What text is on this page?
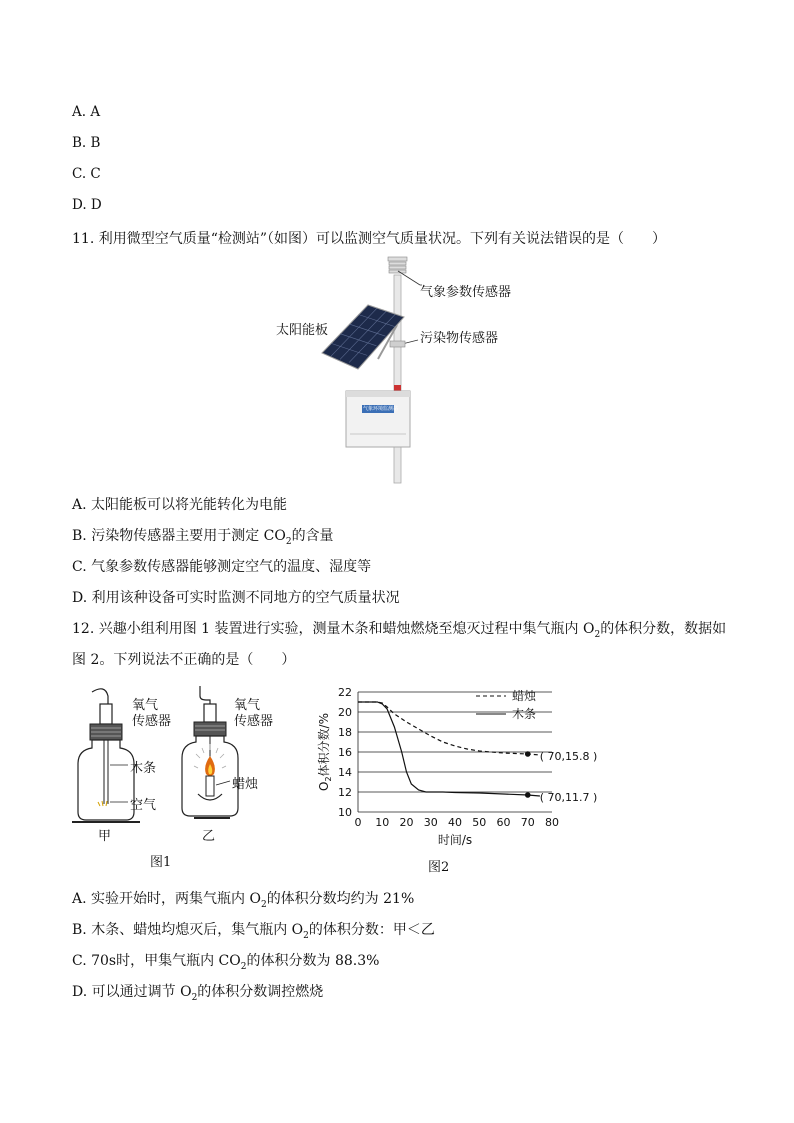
A. A
B. B
C. C
D. D
11. 利用微型空气质量“检测站”（如图）可以监测空气质量状况。下列有关说法错误的是（　　）
气象参数传感器
污染物传感器
太阳能板
气象环境监测站
A. 太阳能板可以将光能转化为电能
B. 污染物传感器主要用于测定 $CO_2$的含量
C. 气象参数传感器能够测定空气的温度、湿度等
D. 利用该种设备可实时监测不同地方的空气质量状况
12. 兴趣小组利用图 1 装置进行实验，测量木条和蜡烛燃烧至熄灭过程中集气瓶内 $O_2$的体积分数，数据如
图 2。下列说法不正确的是（　　）
氧气
传感器
氧气
传感器
木条
空气
蜡烛
甲	乙
图1
10
12
14
16
18
20
22
0 10 20 30 40 50 60 70 80
时间/s
$O_2$体积分数/%
蜡烛
木条
( 70,15.8 )
( 70,11.7 )
图2
A. 实验开始时，两集气瓶内 $O_2$的体积分数均约为 21%
B. 木条、蜡烛均熄灭后，集气瓶内 $O_2$的体积分数：甲＜乙
C. 70s时，甲集气瓶内 $CO_2$的体积分数为 88.3%
D. 可以通过调节 $O_2$的体积分数调控燃烧
